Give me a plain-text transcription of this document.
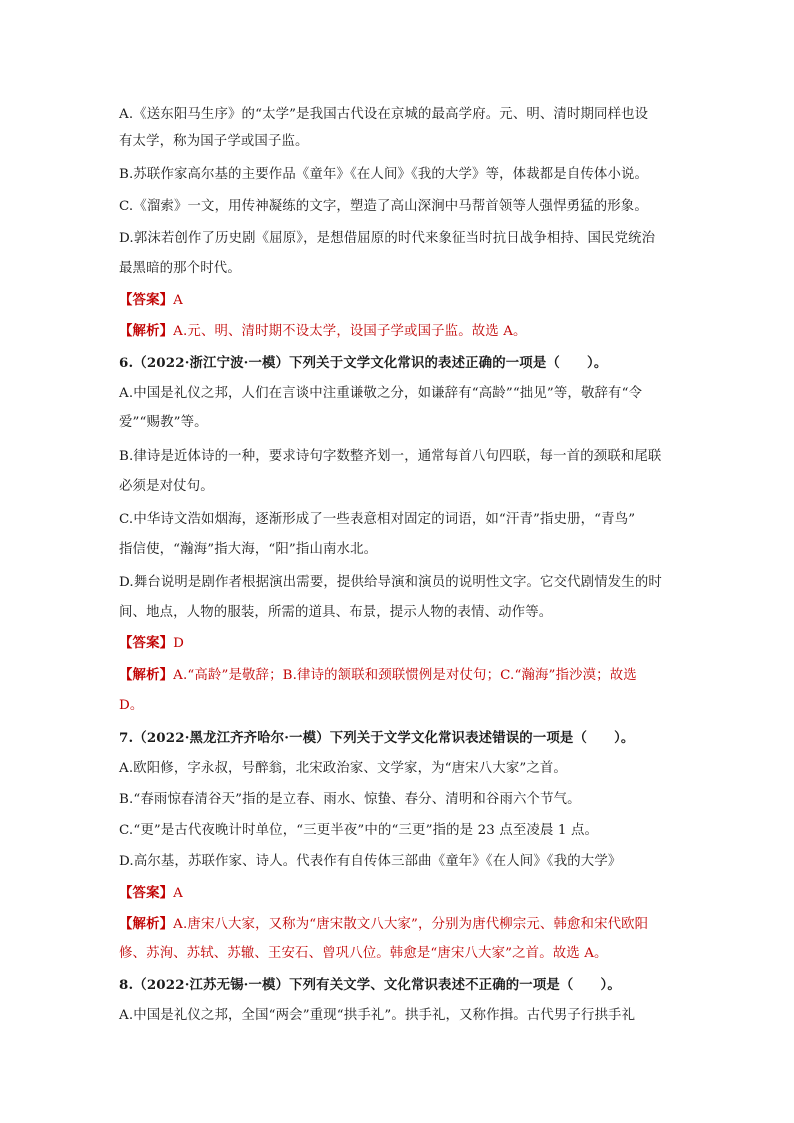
A.《送东阳马生序》的“太学”是我国古代设在京城的最高学府。元、明、清时期同样也设
有太学，称为国子学或国子监。
B.苏联作家高尔基的主要作品《童年》《在人间》《我的大学》等，体裁都是自传体小说。
C.《溜索》一文，用传神凝练的文字，塑造了高山深涧中马帮首领等人强悍勇猛的形象。
D.郭沫若创作了历史剧《屈原》，是想借屈原的时代来象征当时抗日战争相持、国民党统治
最黑暗的那个时代。
【答案】A
【解析】A.元、明、清时期不设太学，设国子学或国子监。故选 A。
6.（2022·浙江宁波·一模）下列关于文学文化常识的表述正确的一项是（　　）。
A.中国是礼仪之邦，人们在言谈中注重谦敬之分，如谦辞有“高龄”“拙见”等，敬辞有“令
爱”“赐教”等。
B.律诗是近体诗的一种，要求诗句字数整齐划一，通常每首八句四联，每一首的颈联和尾联
必须是对仗句。
C.中华诗文浩如烟海，逐渐形成了一些表意相对固定的词语，如“汗青”指史册，“青鸟”
指信使，“瀚海”指大海，“阳”指山南水北。
D.舞台说明是剧作者根据演出需要，提供给导演和演员的说明性文字。它交代剧情发生的时
间、地点，人物的服装，所需的道具、布景，提示人物的表情、动作等。
【答案】D
【解析】A.“高龄”是敬辞；B.律诗的颔联和颈联惯例是对仗句；C.“瀚海”指沙漠；故选
D。
7.（2022·黑龙江齐齐哈尔·一模）下列关于文学文化常识表述错误的一项是（　　）。
A.欧阳修，字永叔，号醉翁，北宋政治家、文学家，为“唐宋八大家”之首。
B.“春雨惊春清谷天”指的是立春、雨水、惊蛰、春分、清明和谷雨六个节气。
C.“更”是古代夜晚计时单位，“三更半夜”中的“三更”指的是 23 点至凌晨 1 点。
D.高尔基，苏联作家、诗人。代表作有自传体三部曲《童年》《在人间》《我的大学》
【答案】A
【解析】A.唐宋八大家，又称为“唐宋散文八大家”，分别为唐代柳宗元、韩愈和宋代欧阳
修、苏洵、苏轼、苏辙、王安石、曾巩八位。韩愈是“唐宋八大家”之首。故选 A。
8.（2022·江苏无锡·一模）下列有关文学、文化常识表述不正确的一项是（　　）。
A.中国是礼仪之邦，全国“两会”重现“拱手礼”。拱手礼，又称作揖。古代男子行拱手礼
